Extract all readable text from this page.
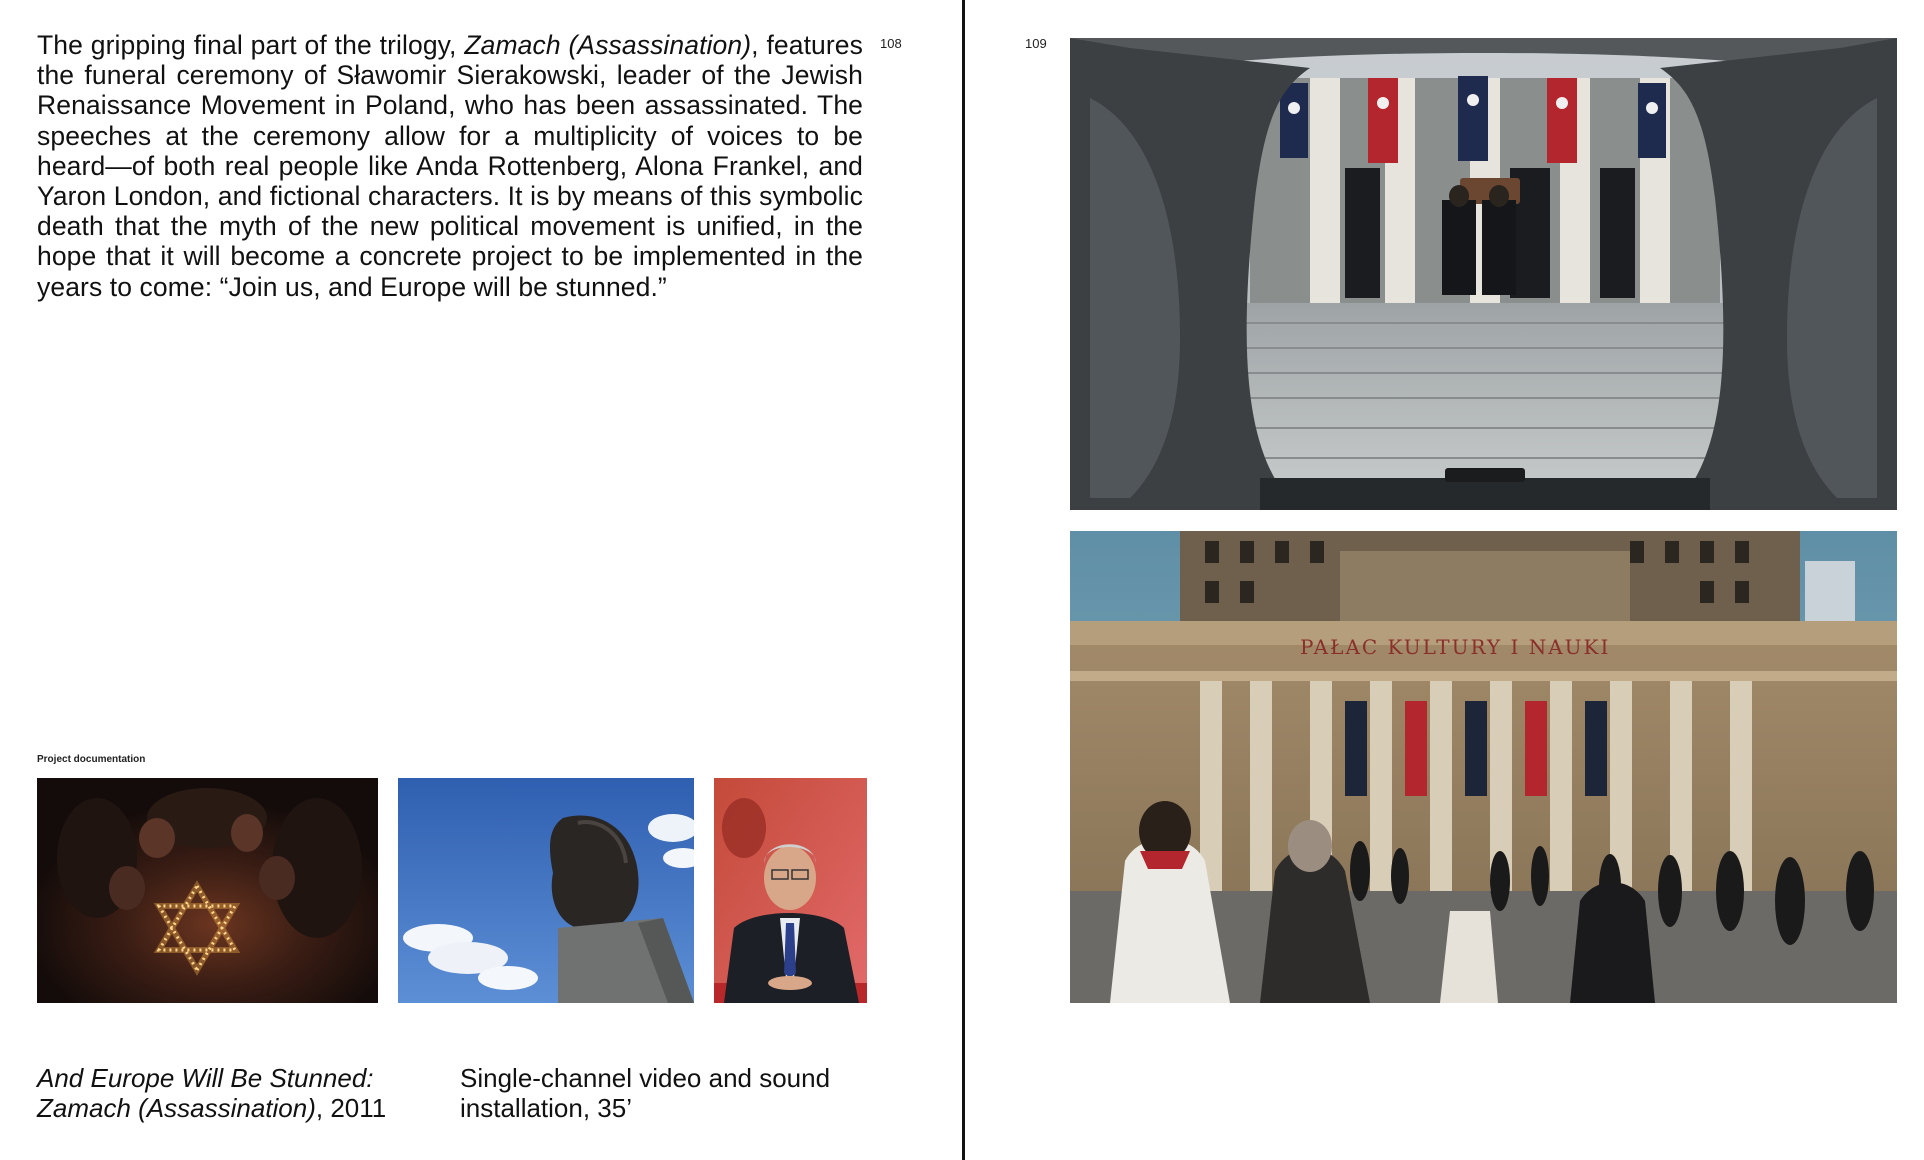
108

The gripping final part of the trilogy, Zamach (Assassination), features the funeral ceremony of Sławomir Sierakowski, leader of the Jewish Renaissance Movement in Poland, who has been assassinated. The speeches at the ceremony allow for a multiplicity of voices to be heard—of both real people like Anda Rottenberg, Alona Frankel, and Yaron London, and fictional characters. It is by means of this symbolic death that the myth of the new political movement is unified, in the hope that it will become a concrete project to be implemented in the years to come: “Join us, and Europe will be stunned.”

Project documentation
And Europe Will Be Stunned:
Zamach (Assassination), 2011
Single-channel video and sound
installation, 35’
109
PAŁAC KULTURY I NAUKI
